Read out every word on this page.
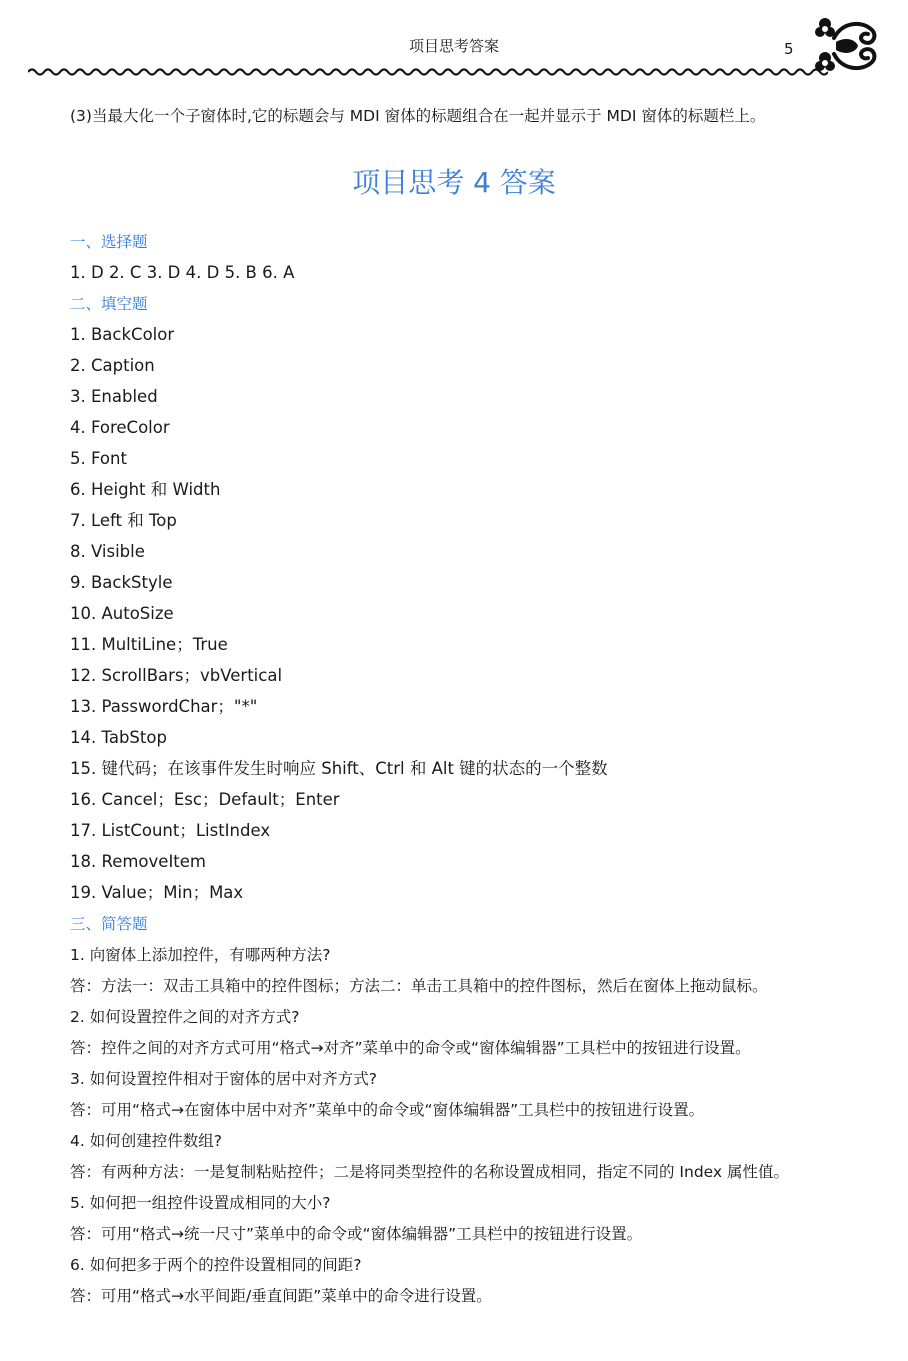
项目思考答案	5
(3)当最大化一个子窗体时,它的标题会与 MDI 窗体的标题组合在一起并显示于 MDI 窗体的标题栏上。
项目思考 4 答案
一、选择题
1. D 2. C 3. D 4. D 5. B 6. A
二、填空题
1. BackColor
2. Caption
3. Enabled
4. ForeColor
5. Font
6. Height 和 Width
7. Left 和 Top
8. Visible
9. BackStyle
10. AutoSize
11. MultiLine；True
12. ScrollBars；vbVertical
13. PasswordChar；"*"
14. TabStop
15. 键代码；在该事件发生时响应 Shift、Ctrl 和 Alt 键的状态的一个整数
16. Cancel；Esc；Default；Enter
17. ListCount；ListIndex
18. RemoveItem
19. Value；Min；Max
三、简答题
1. 向窗体上添加控件，有哪两种方法?
答：方法一：双击工具箱中的控件图标；方法二：单击工具箱中的控件图标，然后在窗体上拖动鼠标。
2. 如何设置控件之间的对齐方式?
答：控件之间的对齐方式可用“格式→对齐”菜单中的命令或“窗体编辑器”工具栏中的按钮进行设置。
3. 如何设置控件相对于窗体的居中对齐方式?
答：可用“格式→在窗体中居中对齐”菜单中的命令或“窗体编辑器”工具栏中的按钮进行设置。
4. 如何创建控件数组?
答：有两种方法：一是复制粘贴控件；二是将同类型控件的名称设置成相同，指定不同的 Index 属性值。
5. 如何把一组控件设置成相同的大小?
答：可用“格式→统一尺寸”菜单中的命令或“窗体编辑器”工具栏中的按钮进行设置。
6. 如何把多于两个的控件设置相同的间距?
答：可用“格式→水平间距/垂直间距”菜单中的命令进行设置。
